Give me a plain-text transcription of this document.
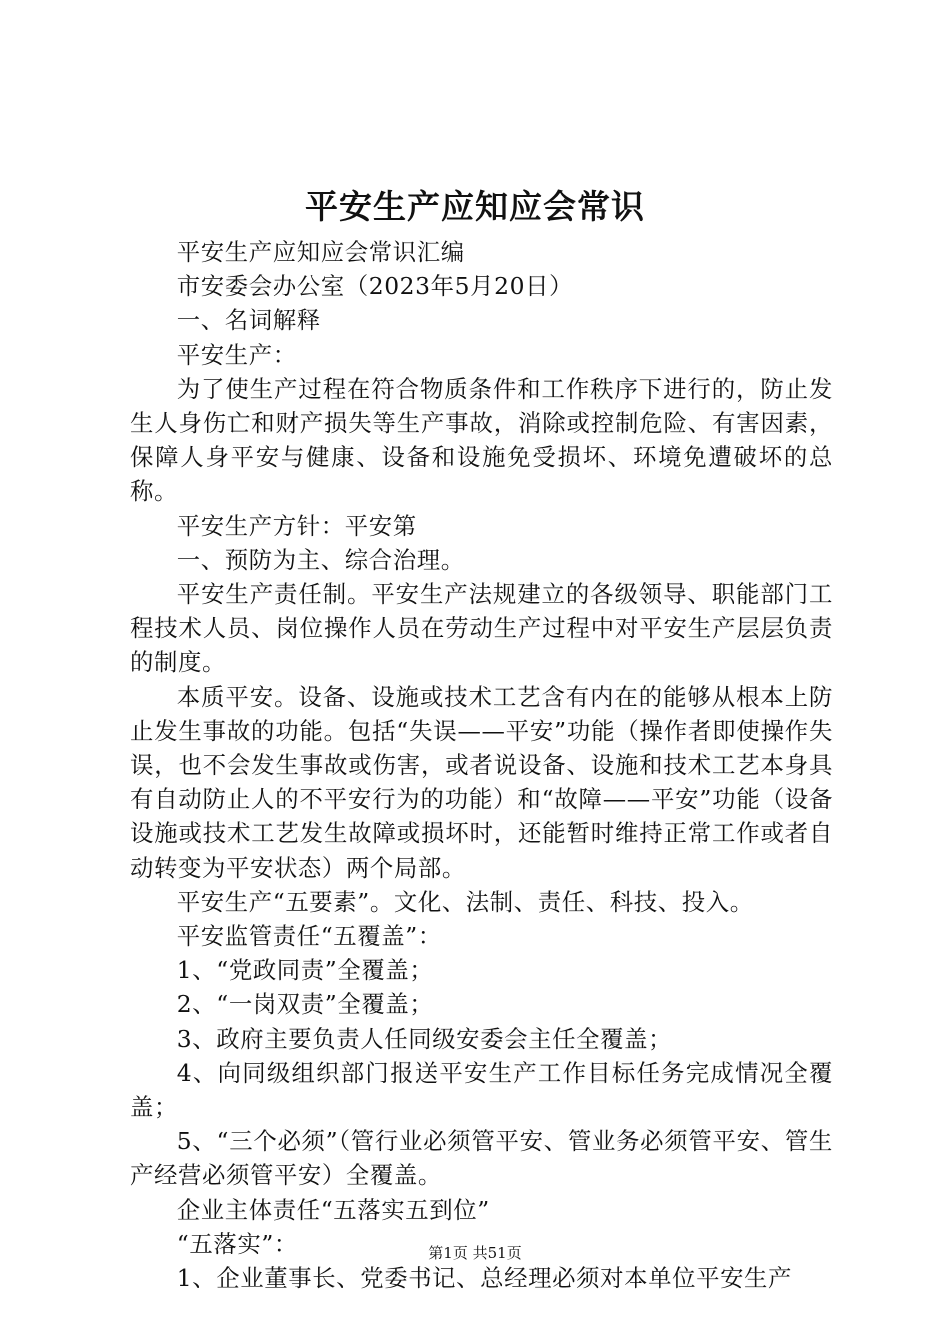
平安生产应知应会常识

平安生产应知应会常识汇编

市安委会办公室（2023年5月20日）

一、名词解释

平安生产：

为了使生产过程在符合物质条件和工作秩序下进行的，防止发生人身伤亡和财产损失等生产事故，消除或控制危险、有害因素，保障人身平安与健康、设备和设施免受损坏、环境免遭破坏的总称。

平安生产方针：平安第

一、预防为主、综合治理。

平安生产责任制。平安生产法规建立的各级领导、职能部门工程技术人员、岗位操作人员在劳动生产过程中对平安生产层层负责的制度。

本质平安。设备、设施或技术工艺含有内在的能够从根本上防止发生事故的功能。包括“失误——平安”功能（操作者即使操作失误，也不会发生事故或伤害，或者说设备、设施和技术工艺本身具有自动防止人的不平安行为的功能）和“故障——平安”功能（设备设施或技术工艺发生故障或损坏时，还能暂时维持正常工作或者自动转变为平安状态）两个局部。

平安生产“五要素”。文化、法制、责任、科技、投入。

平安监管责任“五覆盖”：

1、“党政同责”全覆盖；

2、“一岗双责”全覆盖；

3、政府主要负责人任同级安委会主任全覆盖；

4、向同级组织部门报送平安生产工作目标任务完成情况全覆盖；

5、“三个必须”（管行业必须管平安、管业务必须管平安、管生产经营必须管平安）全覆盖。

企业主体责任“五落实五到位”

“五落实”：

1、企业董事长、党委书记、总经理必须对本单位平安生产

第1页 共51页
